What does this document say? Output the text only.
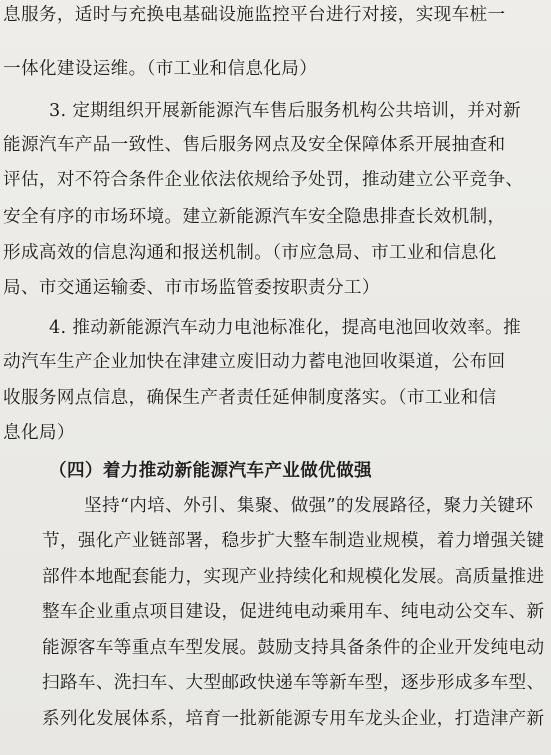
息服务，适时与充换电基础设施监控平台进行对接，实现车桩一
一体化建设运维。（市工业和信息化局）
3. 定期组织开展新能源汽车售后服务机构公共培训，并对新
能源汽车产品一致性、售后服务网点及安全保障体系开展抽查和
评估，对不符合条件企业依法依规给予处罚，推动建立公平竞争、
安全有序的市场环境。建立新能源汽车安全隐患排查长效机制，
形成高效的信息沟通和报送机制。（市应急局、市工业和信息化
局、市交通运输委、市市场监管委按职责分工）
4. 推动新能源汽车动力电池标准化，提高电池回收效率。推
动汽车生产企业加快在津建立废旧动力蓄电池回收渠道，公布回
收服务网点信息，确保生产者责任延伸制度落实。（市工业和信
息化局）
（四）着力推动新能源汽车产业做优做强
坚持“内培、外引、集聚、做强”的发展路径，聚力关键环
节，强化产业链部署，稳步扩大整车制造业规模，着力增强关键
部件本地配套能力，实现产业持续化和规模化发展。高质量推进
整车企业重点项目建设，促进纯电动乘用车、纯电动公交车、新
能源客车等重点车型发展。鼓励支持具备条件的企业开发纯电动
扫路车、洗扫车、大型邮政快递车等新车型，逐步形成多车型、
系列化发展体系，培育一批新能源专用车龙头企业，打造津产新
